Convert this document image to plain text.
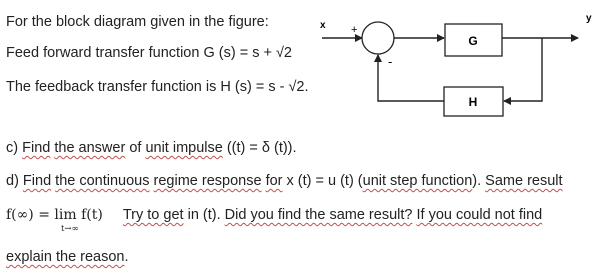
For the block diagram given in the figure:
Feed forward transfer function G (s) = s + √2
The feedback transfer function is H (s) = s - √2.
x +
-
G
y
H
c) Find the answer of unit impulse ((t) = δ (t)).
d) Find the continuous regime response for x (t) = u (t) (unit step function). Same result
f(∞) = lim f(t)
t→∞
Try to get in (t). Did you find the same result? If you could not find
explain the reason.
